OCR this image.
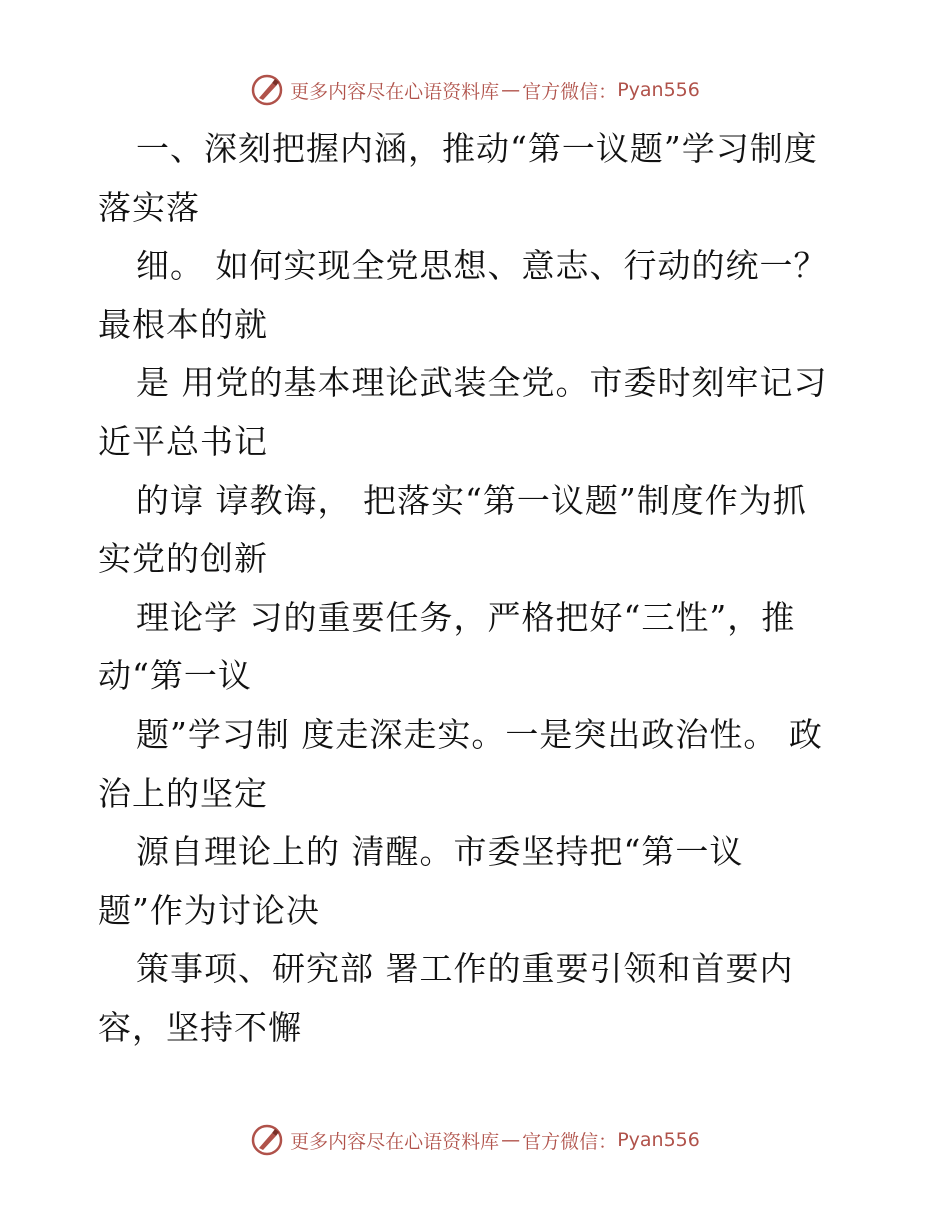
更多内容尽在心语资料库 — 官方微信： Pyan556
一、深刻把握内涵，推动“第一议题”学习制度
落实落
细。 如何实现全党思想、意志、行动的统一？
最根本的就
是 用党的基本理论武装全党。市委时刻牢记习
近平总书记
的谆 谆教诲， 把落实“第一议题”制度作为抓
实党的创新
理论学 习的重要任务，严格把好“三性”，推
动“第一议
题”学习制 度走深走实。一是突出政治性。 政
治上的坚定
源自理论上的 清醒。市委坚持把“第一议
题”作为讨论决
策事项、研究部 署工作的重要引领和首要内
容，坚持不懈
更多内容尽在心语资料库 — 官方微信： Pyan556
